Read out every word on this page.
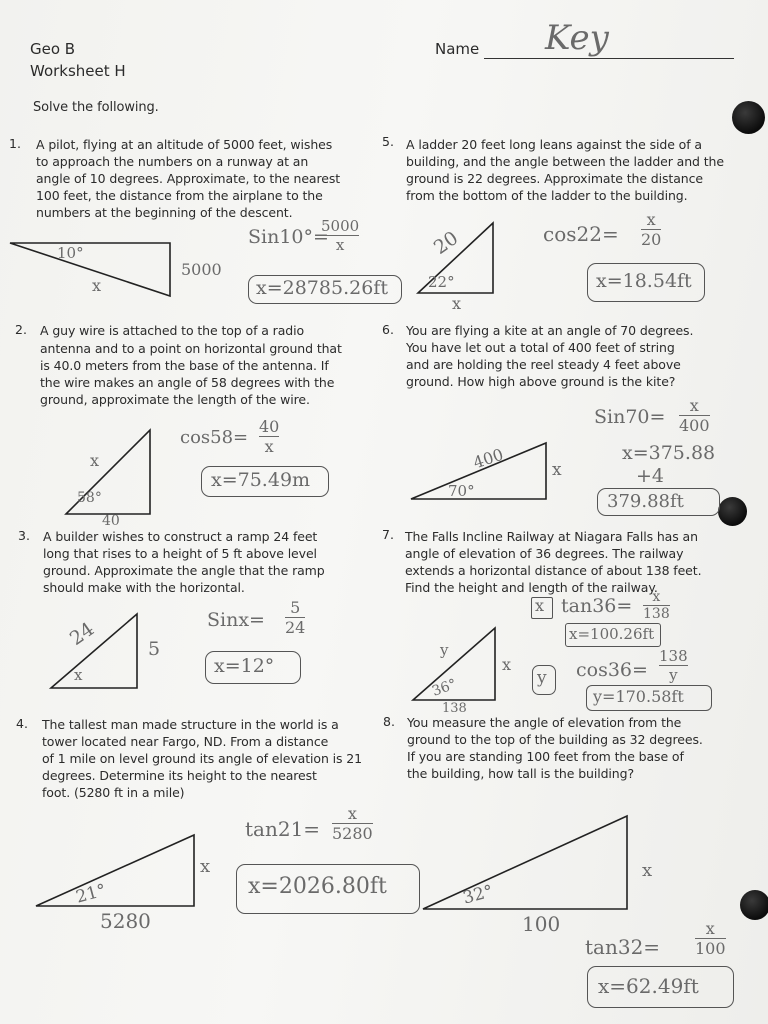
Geo B
Worksheet H
Name Key
Solve the following.
1. A pilot, flying at an altitude of 5000 feet, wishes
to approach the numbers on a runway at an
angle of 10 degrees. Approximate, to the nearest
100 feet, the distance from the airplane to the
numbers at the beginning of the descent.
10°
5000
x
Sin10°=
5000
x
x=28785.26ft
2. A guy wire is attached to the top of a radio
antenna and to a point on horizontal ground that
is 40.0 meters from the base of the antenna. If
the wire makes an angle of 58 degrees with the
ground, approximate the length of the wire.
x
58°
40
cos58=
40
x
x=75.49m
3. A builder wishes to construct a ramp 24 feet
long that rises to a height of 5 ft above level
ground. Approximate the angle that the ramp
should make with the horizontal.
24	5
x
Sinx=
5
24
x=12°
4. The tallest man made structure in the world is a
tower located near Fargo, ND. From a distance
of 1 mile on level ground its angle of elevation is 21
degrees. Determine its height to the nearest
foot. (5280 ft in a mile)
21°
x
5280
tan21=
x
5280
x=2026.80ft
5. A ladder 20 feet long leans against the side of a
building, and the angle between the ladder and the
ground is 22 degrees. Approximate the distance
from the bottom of the ladder to the building.
20
22°
x
cos22=
x
20
x=18.54ft
6. You are flying a kite at an angle of 70 degrees.
You have let out a total of 400 feet of string
and are holding the reel steady 4 feet above
ground. How high above ground is the kite?
400
70°
x
Sin70=
x
400
x=375.88
+4
379.88ft
7. The Falls Incline Railway at Niagara Falls has an
angle of elevation of 36 degrees. The railway
extends a horizontal distance of about 138 feet.
Find the height and length of the railway.
y
36°
x
138
x tan36= x
138
x=100.26ft
y cos36=
138
y
y=170.58ft
8. You measure the angle of elevation from the
ground to the top of the building as 32 degrees.
If you are standing 100 feet from the base of
the building, how tall is the building?
32°
x
100
tan32=
x
100
x=62.49ft
